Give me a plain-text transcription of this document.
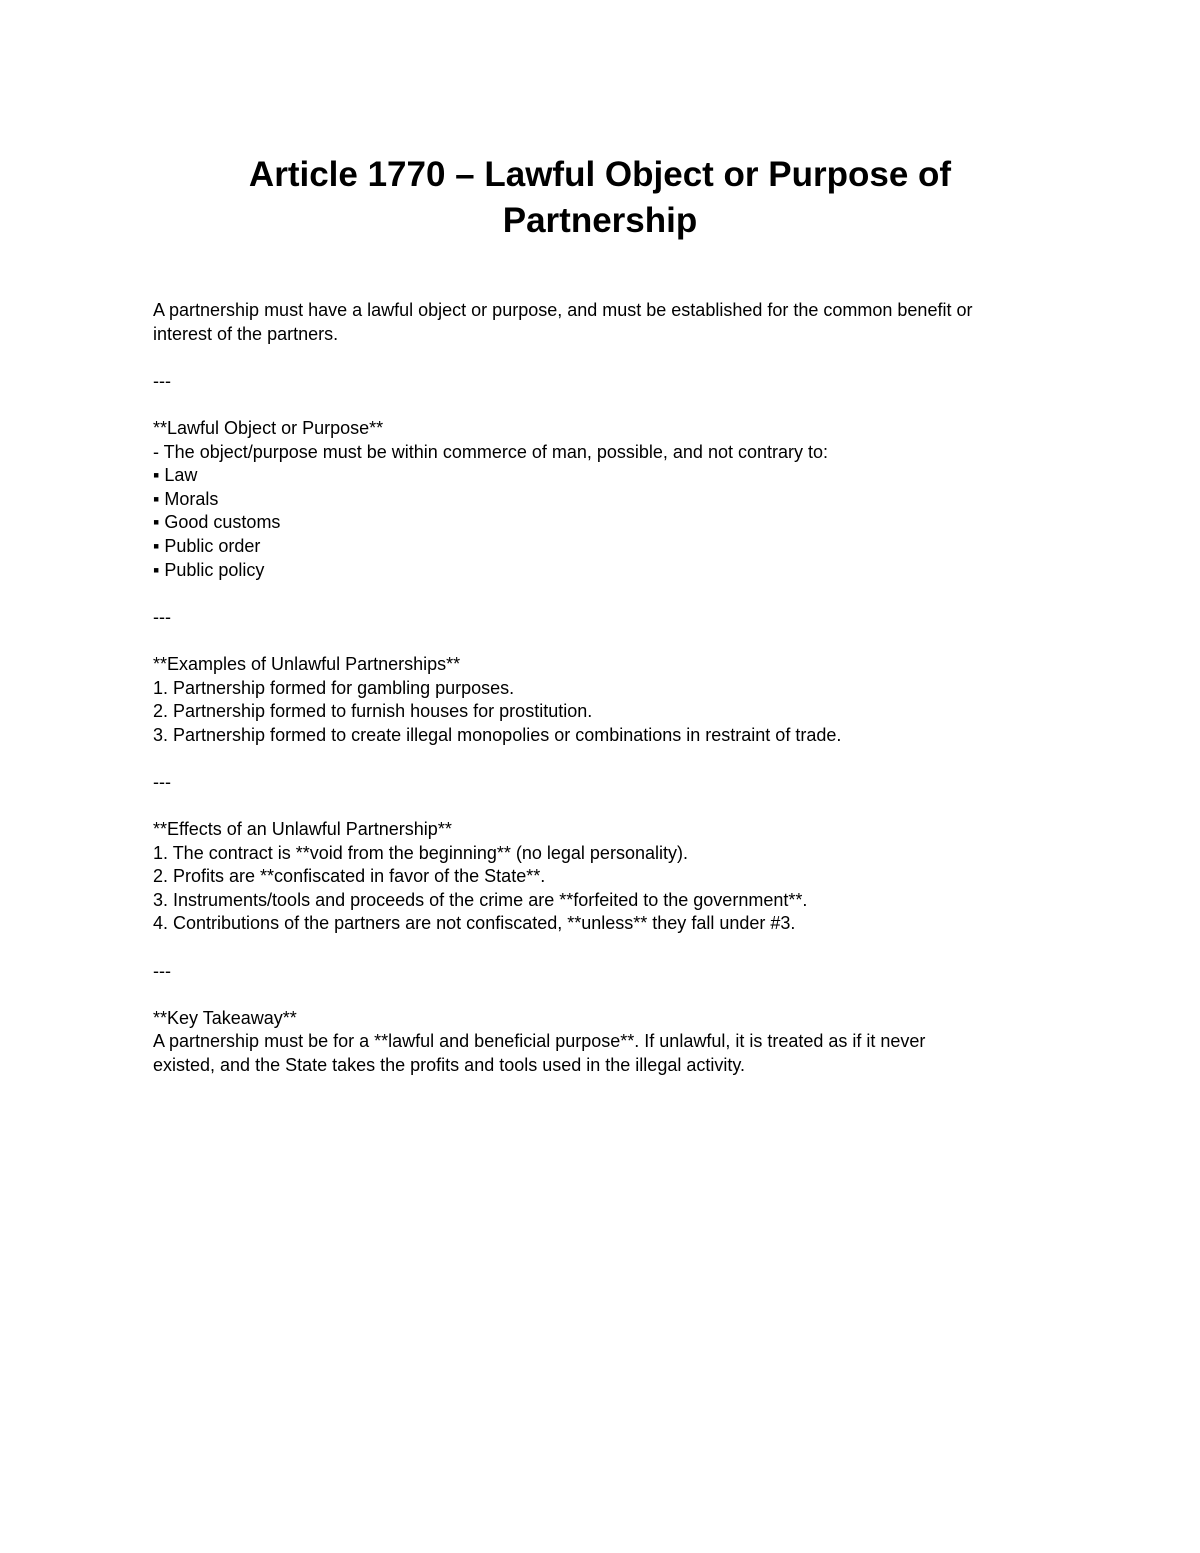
Article 1770 – Lawful Object or Purpose of
Partnership
A partnership must have a lawful object or purpose, and must be established for the common benefit or
interest of the partners.
---
**Lawful Object or Purpose**
- The object/purpose must be within commerce of man, possible, and not contrary to:
▪ Law
▪ Morals
▪ Good customs
▪ Public order
▪ Public policy
---
**Examples of Unlawful Partnerships**
1. Partnership formed for gambling purposes.
2. Partnership formed to furnish houses for prostitution.
3. Partnership formed to create illegal monopolies or combinations in restraint of trade.
---
**Effects of an Unlawful Partnership**
1. The contract is **void from the beginning** (no legal personality).
2. Profits are **confiscated in favor of the State**.
3. Instruments/tools and proceeds of the crime are **forfeited to the government**.
4. Contributions of the partners are not confiscated, **unless** they fall under #3.
---
**Key Takeaway**
A partnership must be for a **lawful and beneficial purpose**. If unlawful, it is treated as if it never
existed, and the State takes the profits and tools used in the illegal activity.
